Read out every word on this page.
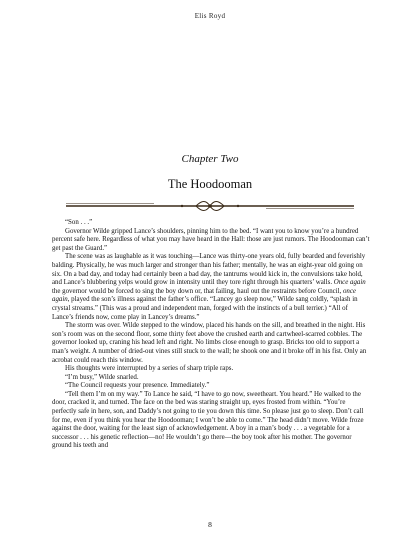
Elis Royd
Chapter Two
The Hoodooman

“Son . . .”

Governor Wilde gripped Lance’s shoulders, pinning him to the bed. “I want you to know you’re a hundred percent safe here. Regardless of what you may have heard in the Hall: those are just rumors. The Hoodooman can’t get past the Guard.”

The scene was as laughable as it was touching—Lance was thirty-one years old, fully bearded and feverishly balding. Physically, he was much larger and stronger than his father; mentally, he was an eight-year old going on six. On a bad day, and today had certainly been a bad day, the tantrums would kick in, the convulsions take hold, and Lance’s blubbering yelps would grow in intensity until they tore right through his quarters’ walls. Once again the governor would be forced to sing the boy down or, that failing, haul out the restraints before Council, once again, played the son’s illness against the father’s office. “Lancey go sleep now,” Wilde sang coldly, “splash in crystal streams.” (This was a proud and independent man, forged with the instincts of a bull terrier.) “All of Lance’s friends now, come play in Lancey’s dreams.”

The storm was over. Wilde stepped to the window, placed his hands on the sill, and breathed in the night. His son’s room was on the second floor, some thirty feet above the crushed earth and cartwheel-scarred cobbles. The governor looked up, craning his head left and right. No limbs close enough to grasp. Bricks too old to support a man’s weight. A number of dried-out vines still stuck to the wall; he shook one and it broke off in his fist. Only an acrobat could reach this window.

His thoughts were interrupted by a series of sharp triple raps.

“I’m busy,” Wilde snarled.

“The Council requests your presence. Immediately.”

“Tell them I’m on my way.” To Lance he said, “I have to go now, sweetheart. You heard.” He walked to the door, cracked it, and turned. The face on the bed was staring straight up, eyes frosted from within. “You’re perfectly safe in here, son, and Daddy’s not going to tie you down this time. So please just go to sleep. Don’t call for me, even if you think you hear the Hoodooman; I won’t be able to come.” The head didn’t move. Wilde froze against the door, waiting for the least sign of acknowledgement. A boy in a man’s body . . . a vegetable for a successor . . . his genetic reflection—no! He wouldn’t go there—the boy took after his mother. The governor ground his teeth and

8
